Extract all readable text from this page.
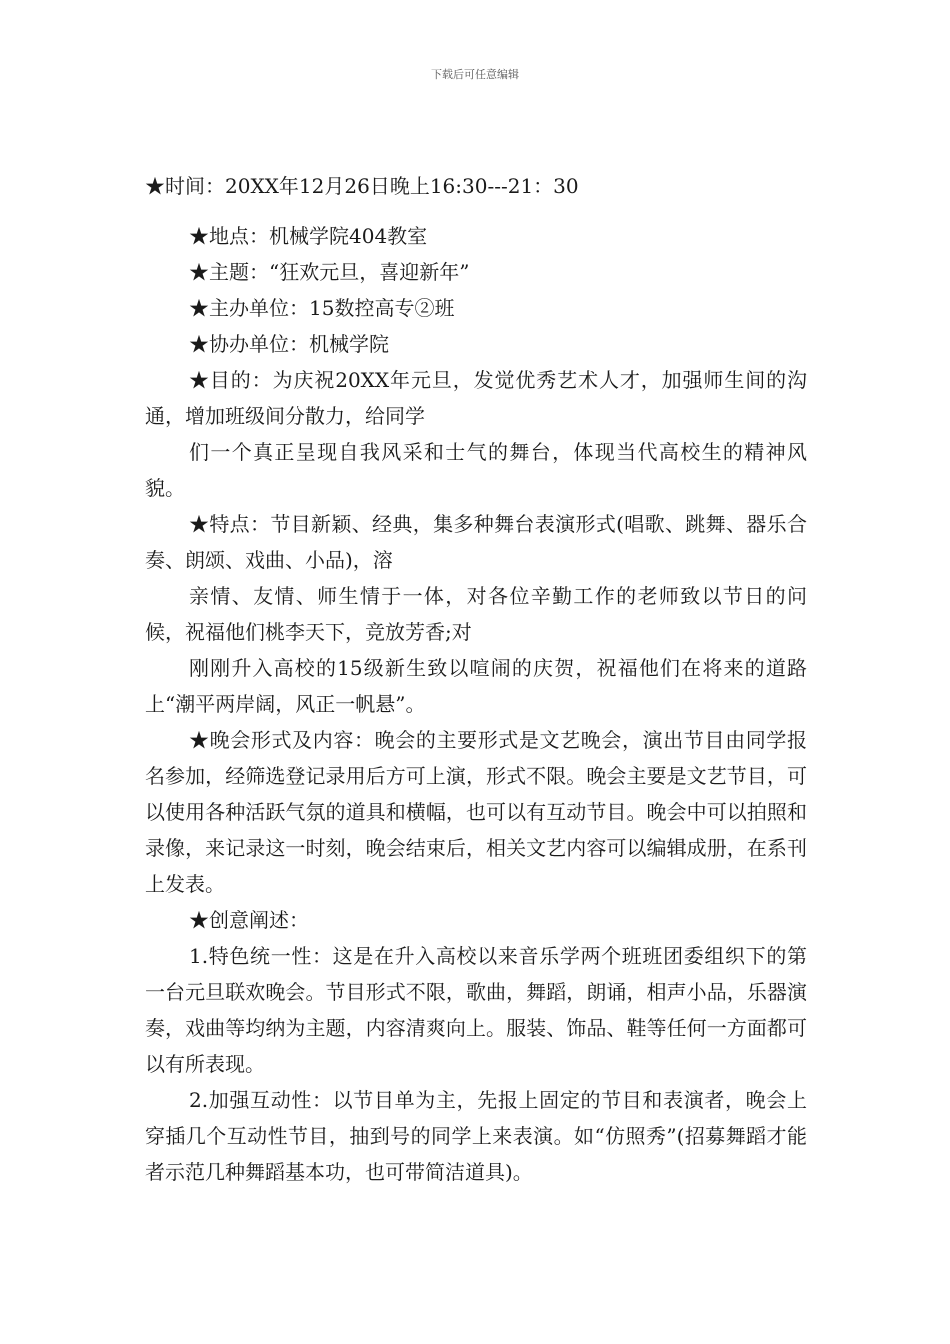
下载后可任意编辑

★时间：20XX年12月26日晚上16:30---21：30

★地点：机械学院404教室

★主题：“狂欢元旦，喜迎新年”

★主办单位：15数控高专②班

★协办单位：机械学院

★目的：为庆祝20XX年元旦，发觉优秀艺术人才，加强师生间的沟通，增加班级间分散力，给同学

们一个真正呈现自我风采和士气的舞台，体现当代高校生的精神风貌。

★特点：节目新颖、经典，集多种舞台表演形式(唱歌、跳舞、器乐合奏、朗颂、戏曲、小品)，溶

亲情、友情、师生情于一体，对各位辛勤工作的老师致以节日的问候，祝福他们桃李天下，竞放芳香;对

刚刚升入高校的15级新生致以喧闹的庆贺，祝福他们在将来的道路上“潮平两岸阔，风正一帆悬”。

★晚会形式及内容：晚会的主要形式是文艺晚会，演出节目由同学报名参加，经筛选登记录用后方可上演，形式不限。晚会主要是文艺节目，可以使用各种活跃气氛的道具和横幅，也可以有互动节目。晚会中可以拍照和录像，来记录这一时刻，晚会结束后，相关文艺内容可以编辑成册，在系刊上发表。

★创意阐述：

1.特色统一性：这是在升入高校以来音乐学两个班班团委组织下的第一台元旦联欢晚会。节目形式不限，歌曲，舞蹈，朗诵，相声小品，乐器演奏，戏曲等均纳为主题，内容清爽向上。服装、饰品、鞋等任何一方面都可以有所表现。

2.加强互动性：以节目单为主，先报上固定的节目和表演者，晚会上穿插几个互动性节目，抽到号的同学上来表演。如“仿照秀”(招募舞蹈才能者示范几种舞蹈基本功，也可带简洁道具)。
